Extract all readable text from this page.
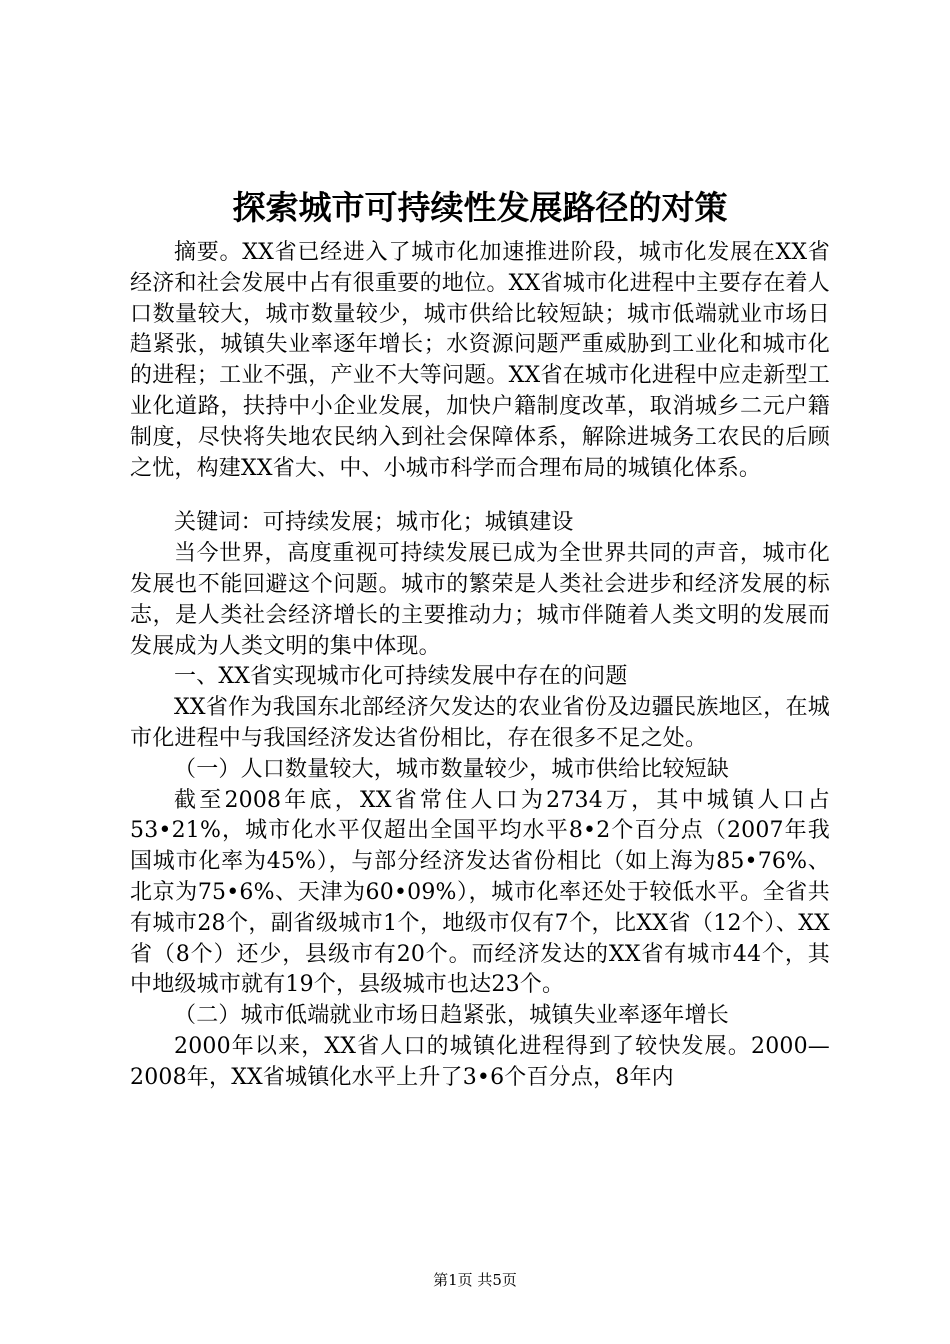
探索城市可持续性发展路径的对策

摘要。XX省已经进入了城市化加速推进阶段，城市化发展在XX省经济和社会发展中占有很重要的地位。XX省城市化进程中主要存在着人口数量较大，城市数量较少，城市供给比较短缺；城市低端就业市场日趋紧张，城镇失业率逐年增长；水资源问题严重威胁到工业化和城市化的进程；工业不强，产业不大等问题。XX省在城市化进程中应走新型工业化道路，扶持中小企业发展，加快户籍制度改革，取消城乡二元户籍制度，尽快将失地农民纳入到社会保障体系，解除进城务工农民的后顾之忧，构建XX省大、中、小城市科学而合理布局的城镇化体系。

关键词：可持续发展；城市化；城镇建设

当今世界，高度重视可持续发展已成为全世界共同的声音，城市化发展也不能回避这个问题。城市的繁荣是人类社会进步和经济发展的标志，是人类社会经济增长的主要推动力；城市伴随着人类文明的发展而发展成为人类文明的集中体现。

一、XX省实现城市化可持续发展中存在的问题

XX省作为我国东北部经济欠发达的农业省份及边疆民族地区，在城市化进程中与我国经济发达省份相比，存在很多不足之处。

（一）人口数量较大，城市数量较少，城市供给比较短缺

截至2008年底，XX省常住人口为2734万，其中城镇人口占53•21%，城市化水平仅超出全国平均水平8•2个百分点（2007年我国城市化率为45%），与部分经济发达省份相比（如上海为85•76%、北京为75•6%、天津为60•09%），城市化率还处于较低水平。全省共有城市28个，副省级城市1个，地级市仅有7个，比XX省（12个）、XX省（8个）还少，县级市有20个。而经济发达的XX省有城市44个，其中地级城市就有19个，县级城市也达23个。

（二）城市低端就业市场日趋紧张，城镇失业率逐年增长

2000年以来，XX省人口的城镇化进程得到了较快发展。2000—2008年，XX省城镇化水平上升了3•6个百分点，8年内

第1页 共5页
